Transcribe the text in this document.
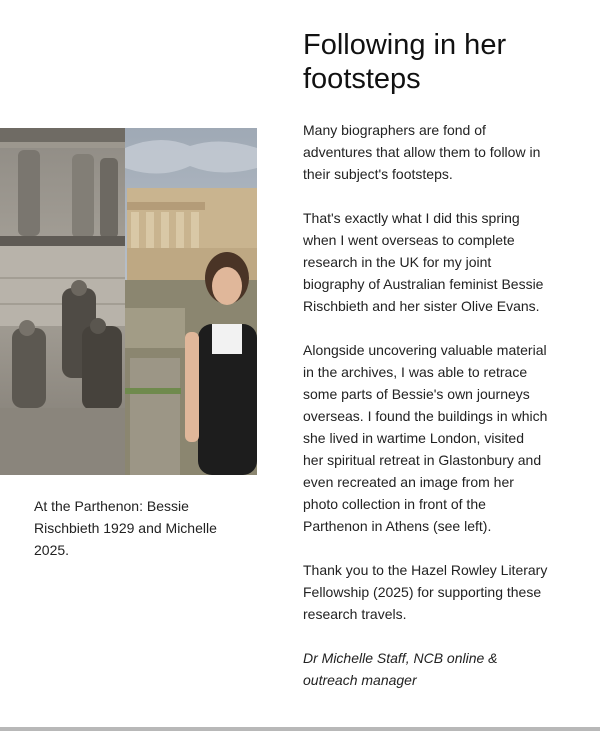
At the Parthenon: Bessie Rischbieth 1929 and Michelle 2025.
Following in her footsteps

Many biographers are fond of adventures that allow them to follow in their subject's footsteps.

That's exactly what I did this spring when I went overseas to complete research in the UK for my joint biography of Australian feminist Bessie Rischbieth and her sister Olive Evans.

Alongside uncovering valuable material in the archives, I was able to retrace some parts of Bessie's own journeys overseas. I found the buildings in which she lived in wartime London, visited her spiritual retreat in Glastonbury and even recreated an image from her photo collection in front of the Parthenon in Athens (see left).

Thank you to the Hazel Rowley Literary Fellowship (2025) for supporting these research travels.

Dr Michelle Staff, NCB online & outreach manager
